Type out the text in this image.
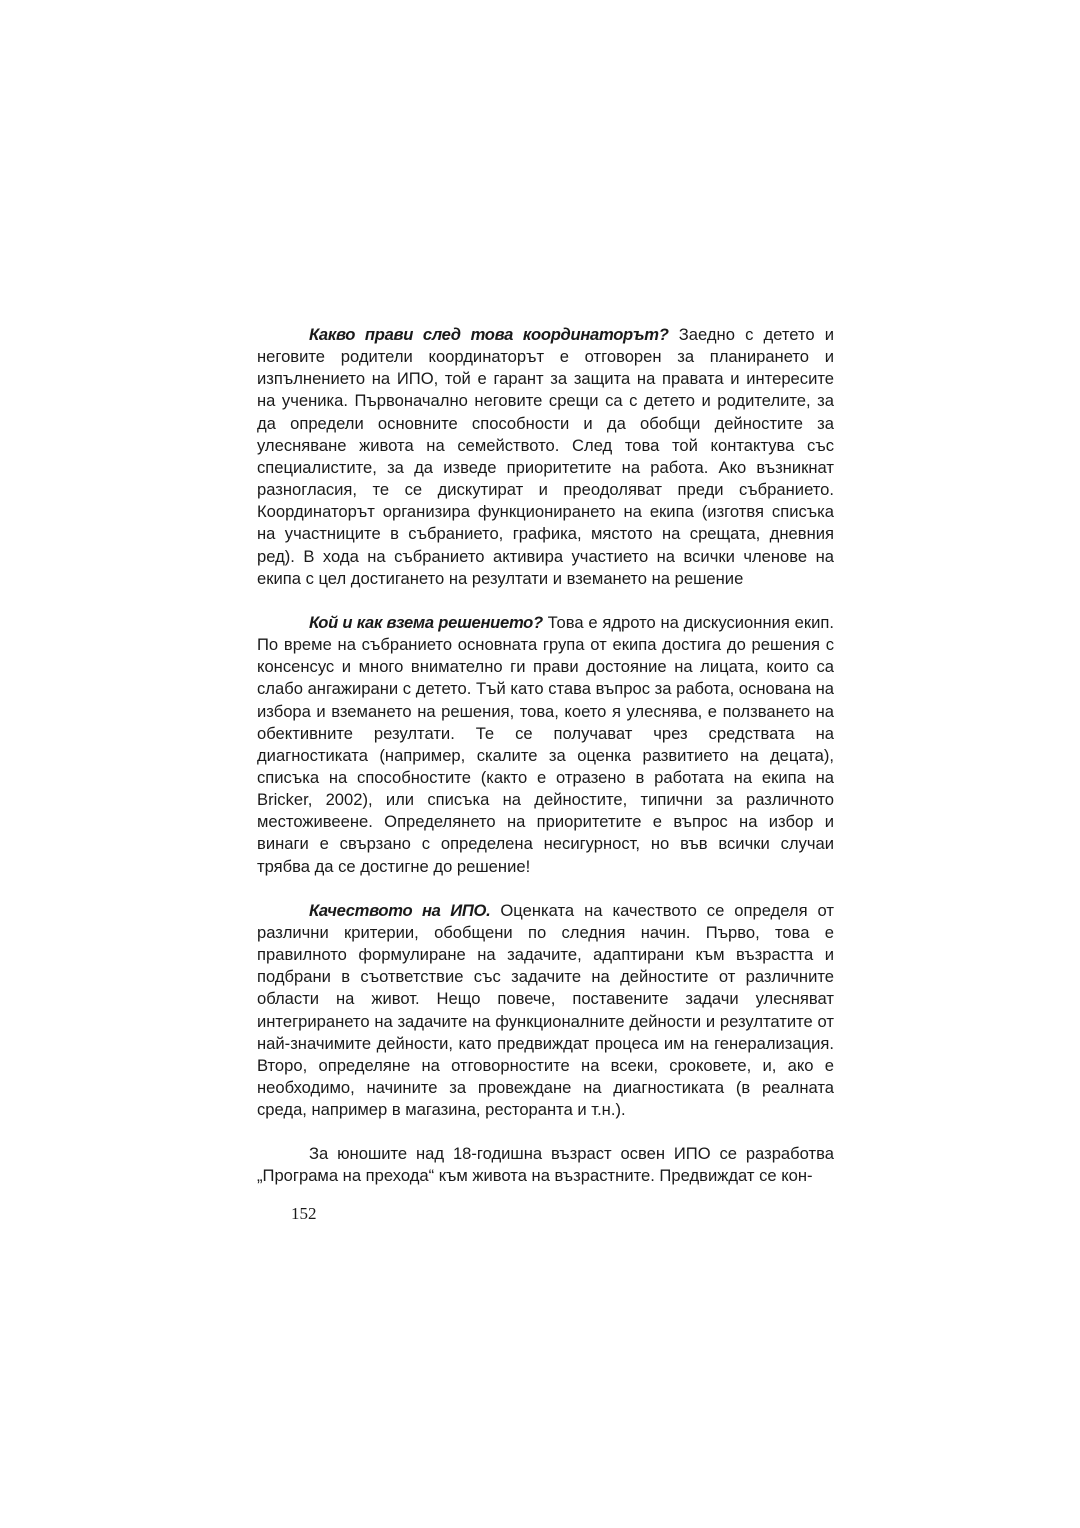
Какво прави след това координаторът? Заедно с детето и неговите родители координаторът е отговорен за планирането и изпълнението на ИПО, той е гарант за защита на правата и интересите на ученика. Първоначално неговите срещи са с детето и родителите, за да определи основните способности и да обобщи дейностите за улесняване живота на семейството. След това той контактува със специалистите, за да изведе приоритетите на работа. Ако възникнат разногласия, те се дискутират и преодоляват преди събранието. Координаторът организира функционирането на екипа (изготвя списъка на участниците в събранието, графика, мястото на срещата, дневния ред). В хода на събранието активира участието на всички членове на екипа с цел достигането на резултати и вземането на решение

Кой и как взема решението? Това е ядрото на дискусионния екип. По време на събранието основната група от екипа достига до решения с консенсус и много внимателно ги прави достояние на лицата, които са слабо ангажирани с детето. Тъй като става въпрос за работа, основана на избора и вземането на решения, това, което я улеснява, е ползването на обективните резултати. Те се получават чрез средствата на диагностиката (например, скалите за оценка развитието на децата), списъка на способностите (както е отразено в работата на екипа на Bricker, 2002), или списъка на дейностите, типични за различното местоживеене. Определянето на приоритетите е въпрос на избор и винаги е свързано с определена несигурност, но във всички случаи трябва да се достигне до решение!

Качеството на ИПО. Оценката на качеството се определя от различни критерии, обобщени по следния начин. Първо, това е правилното формулиране на задачите, адаптирани към възрастта и подбрани в съответствие със задачите на дейностите от различните области на живот. Нещо повече, поставените задачи улесняват интегрирането на задачите на функционалните дейности и резултатите от най-значимите дейности, като предвиждат процеса им на генерализация. Второ, определяне на отговорностите на всеки, сроковете, и, ако е необходимо, начините за провеждане на диагностиката (в реалната среда, например в магазина, ресторанта и т.н.).

За юношите над 18-годишна възраст освен ИПО се разработва „Програма на прехода“ към живота на възрастните. Предвиждат се кон-

152
